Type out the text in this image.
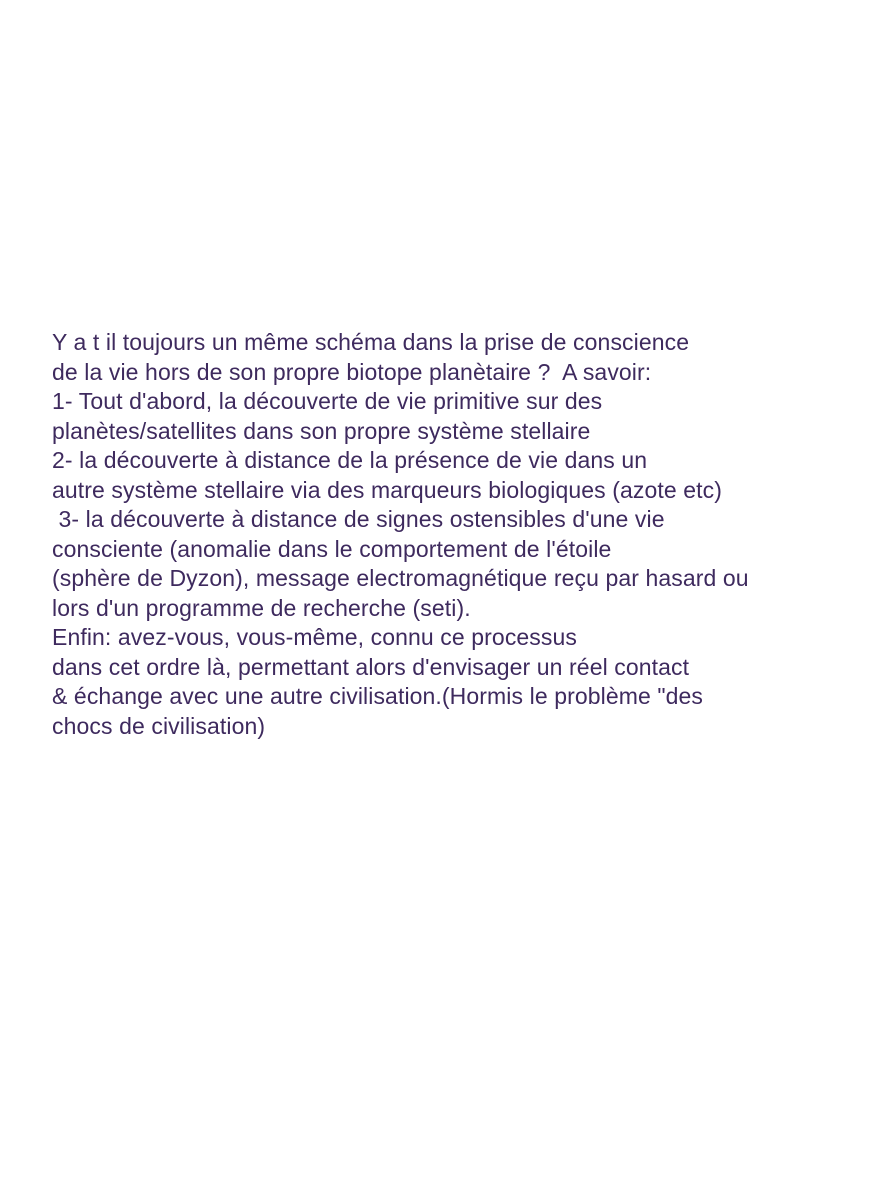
Y a t il toujours un même schéma dans la prise de conscience
de la vie hors de son propre biotope planètaire ?  A savoir:
1- Tout d'abord, la découverte de vie primitive sur des
planètes/satellites dans son propre système stellaire
2- la découverte à distance de la présence de vie dans un
autre système stellaire via des marqueurs biologiques (azote etc)
3- la découverte à distance de signes ostensibles d'une vie
consciente (anomalie dans le comportement de l'étoile
(sphère de Dyzon), message electromagnétique reçu par hasard ou
lors d'un programme de recherche (seti).
Enfin: avez-vous, vous-même, connu ce processus
dans cet ordre là, permettant alors d'envisager un réel contact
& échange avec une autre civilisation.(Hormis le problème "des
chocs de civilisation)
